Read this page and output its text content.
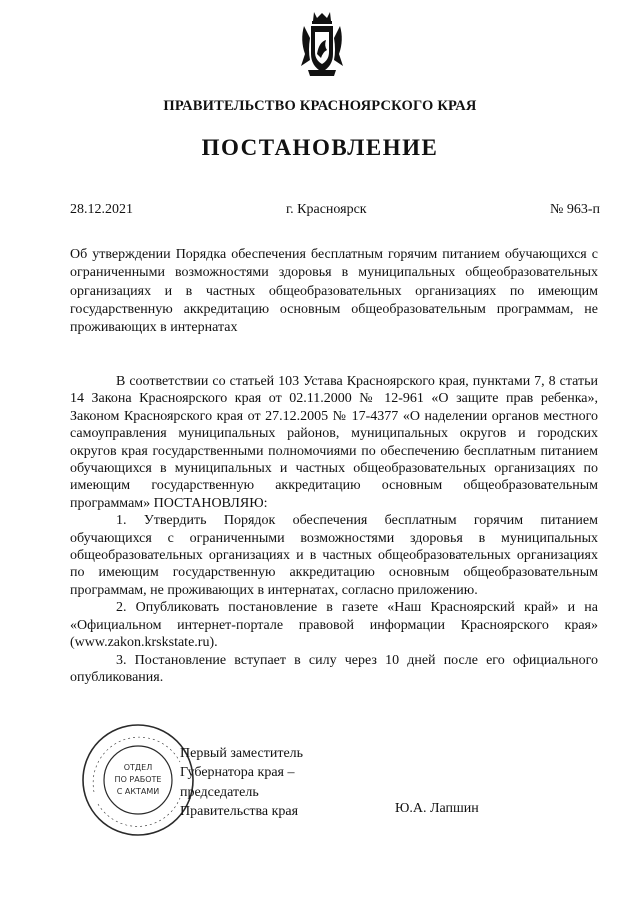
ПРАВИТЕЛЬСТВО КРАСНОЯРСКОГО КРАЯ
ПОСТАНОВЛЕНИЕ
28.12.2021	г. Красноярск	№ 963-п
Об утверждении Порядка обеспечения бесплатным горячим питанием обучающихся с ограниченными возможностями здоровья в муниципальных общеобразовательных организациях и в частных общеобразовательных организациях по имеющим государственную аккредитацию основным общеобразовательным программам, не проживающих в интернатах

В соответствии со статьей 103 Устава Красноярского края, пунктами 7, 8 статьи 14 Закона Красноярского края от 02.11.2000 № 12-961 «О защите прав ребенка», Законом Красноярского края от 27.12.2005 № 17-4377 «О наделении органов местного самоуправления муниципальных районов, муниципальных округов и городских округов края государственными полномочиями по обеспечению бесплатным питанием обучающихся в муниципальных и частных общеобразовательных организациях по имеющим государственную аккредитацию основным общеобразовательным программам» ПОСТАНОВЛЯЮ:

1. Утвердить Порядок обеспечения бесплатным горячим питанием обучающихся с ограниченными возможностями здоровья в муниципальных общеобразовательных организациях и в частных общеобразовательных организациях по имеющим государственную аккредитацию основным общеобразовательным программам, не проживающих в интернатах, согласно приложению.

2. Опубликовать постановление в газете «Наш Красноярский край» и на «Официальном интернет-портале правовой информации Красноярского края» (www.zakon.krskstate.ru).

3. Постановление вступает в силу через 10 дней после его официального опубликования.

ОТДЕЛ
ПО РАБОТЕ
С АКТАМИ
Первый заместитель
Губернатора края –
председатель
Правительства края	Ю.А. Лапшин
